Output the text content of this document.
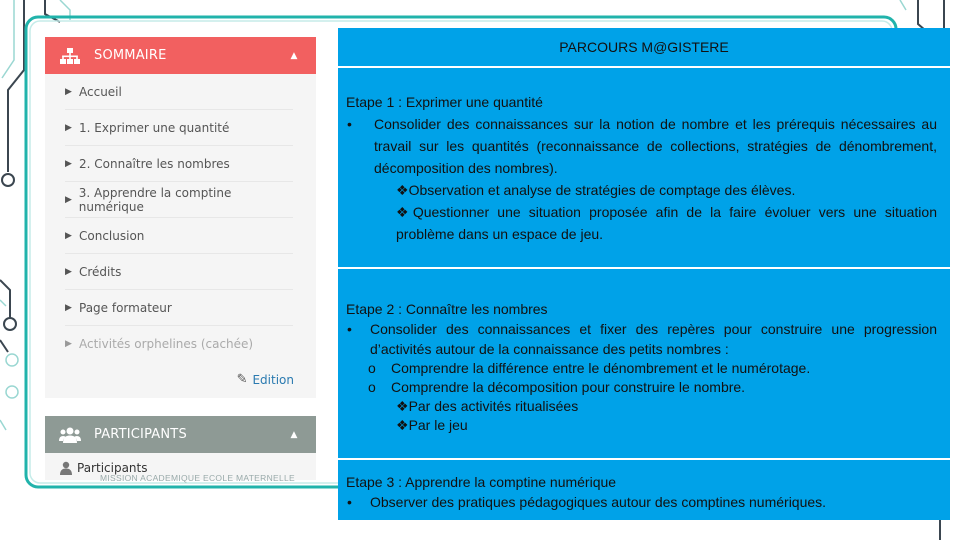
SOMMAIRE	▲
▶ Accueil
▶ 1. Exprimer une quantité
▶ 2. Connaître les nombres
▶ 3. Apprendre la comptine numérique
▶ Conclusion
▶ Crédits
▶ Page formateur
▶ Activités orphelines (cachée)
✎ Edition
PARTICIPANTS	▲
Participants
MISSION ACADEMIQUE ECOLE MATERNELLE
PARCOURS M@GISTERE
Etape 1 : Exprimer une quantité
•	Consolider des connaissances sur la notion de nombre et les prérequis nécessaires au travail sur les quantités (reconnaissance de collections, stratégies de dénombrement, décomposition des nombres).
❖ Observation et analyse de stratégies de comptage des élèves.
❖Questionner une situation proposée afin de la faire évoluer vers une situation problème dans un espace de jeu.
Etape 2 : Connaître les nombres
•	Consolider des connaissances et fixer des repères pour construire une progression d’activités autour de la connaissance des petits nombres :
o	Comprendre la différence entre le dénombrement et le numérotage.
o	Comprendre la décomposition pour construire le nombre.
❖ Par des activités ritualisées
❖ Par le jeu
Etape 3 : Apprendre la comptine numérique
•	Observer des pratiques pédagogiques autour des comptines numériques.
